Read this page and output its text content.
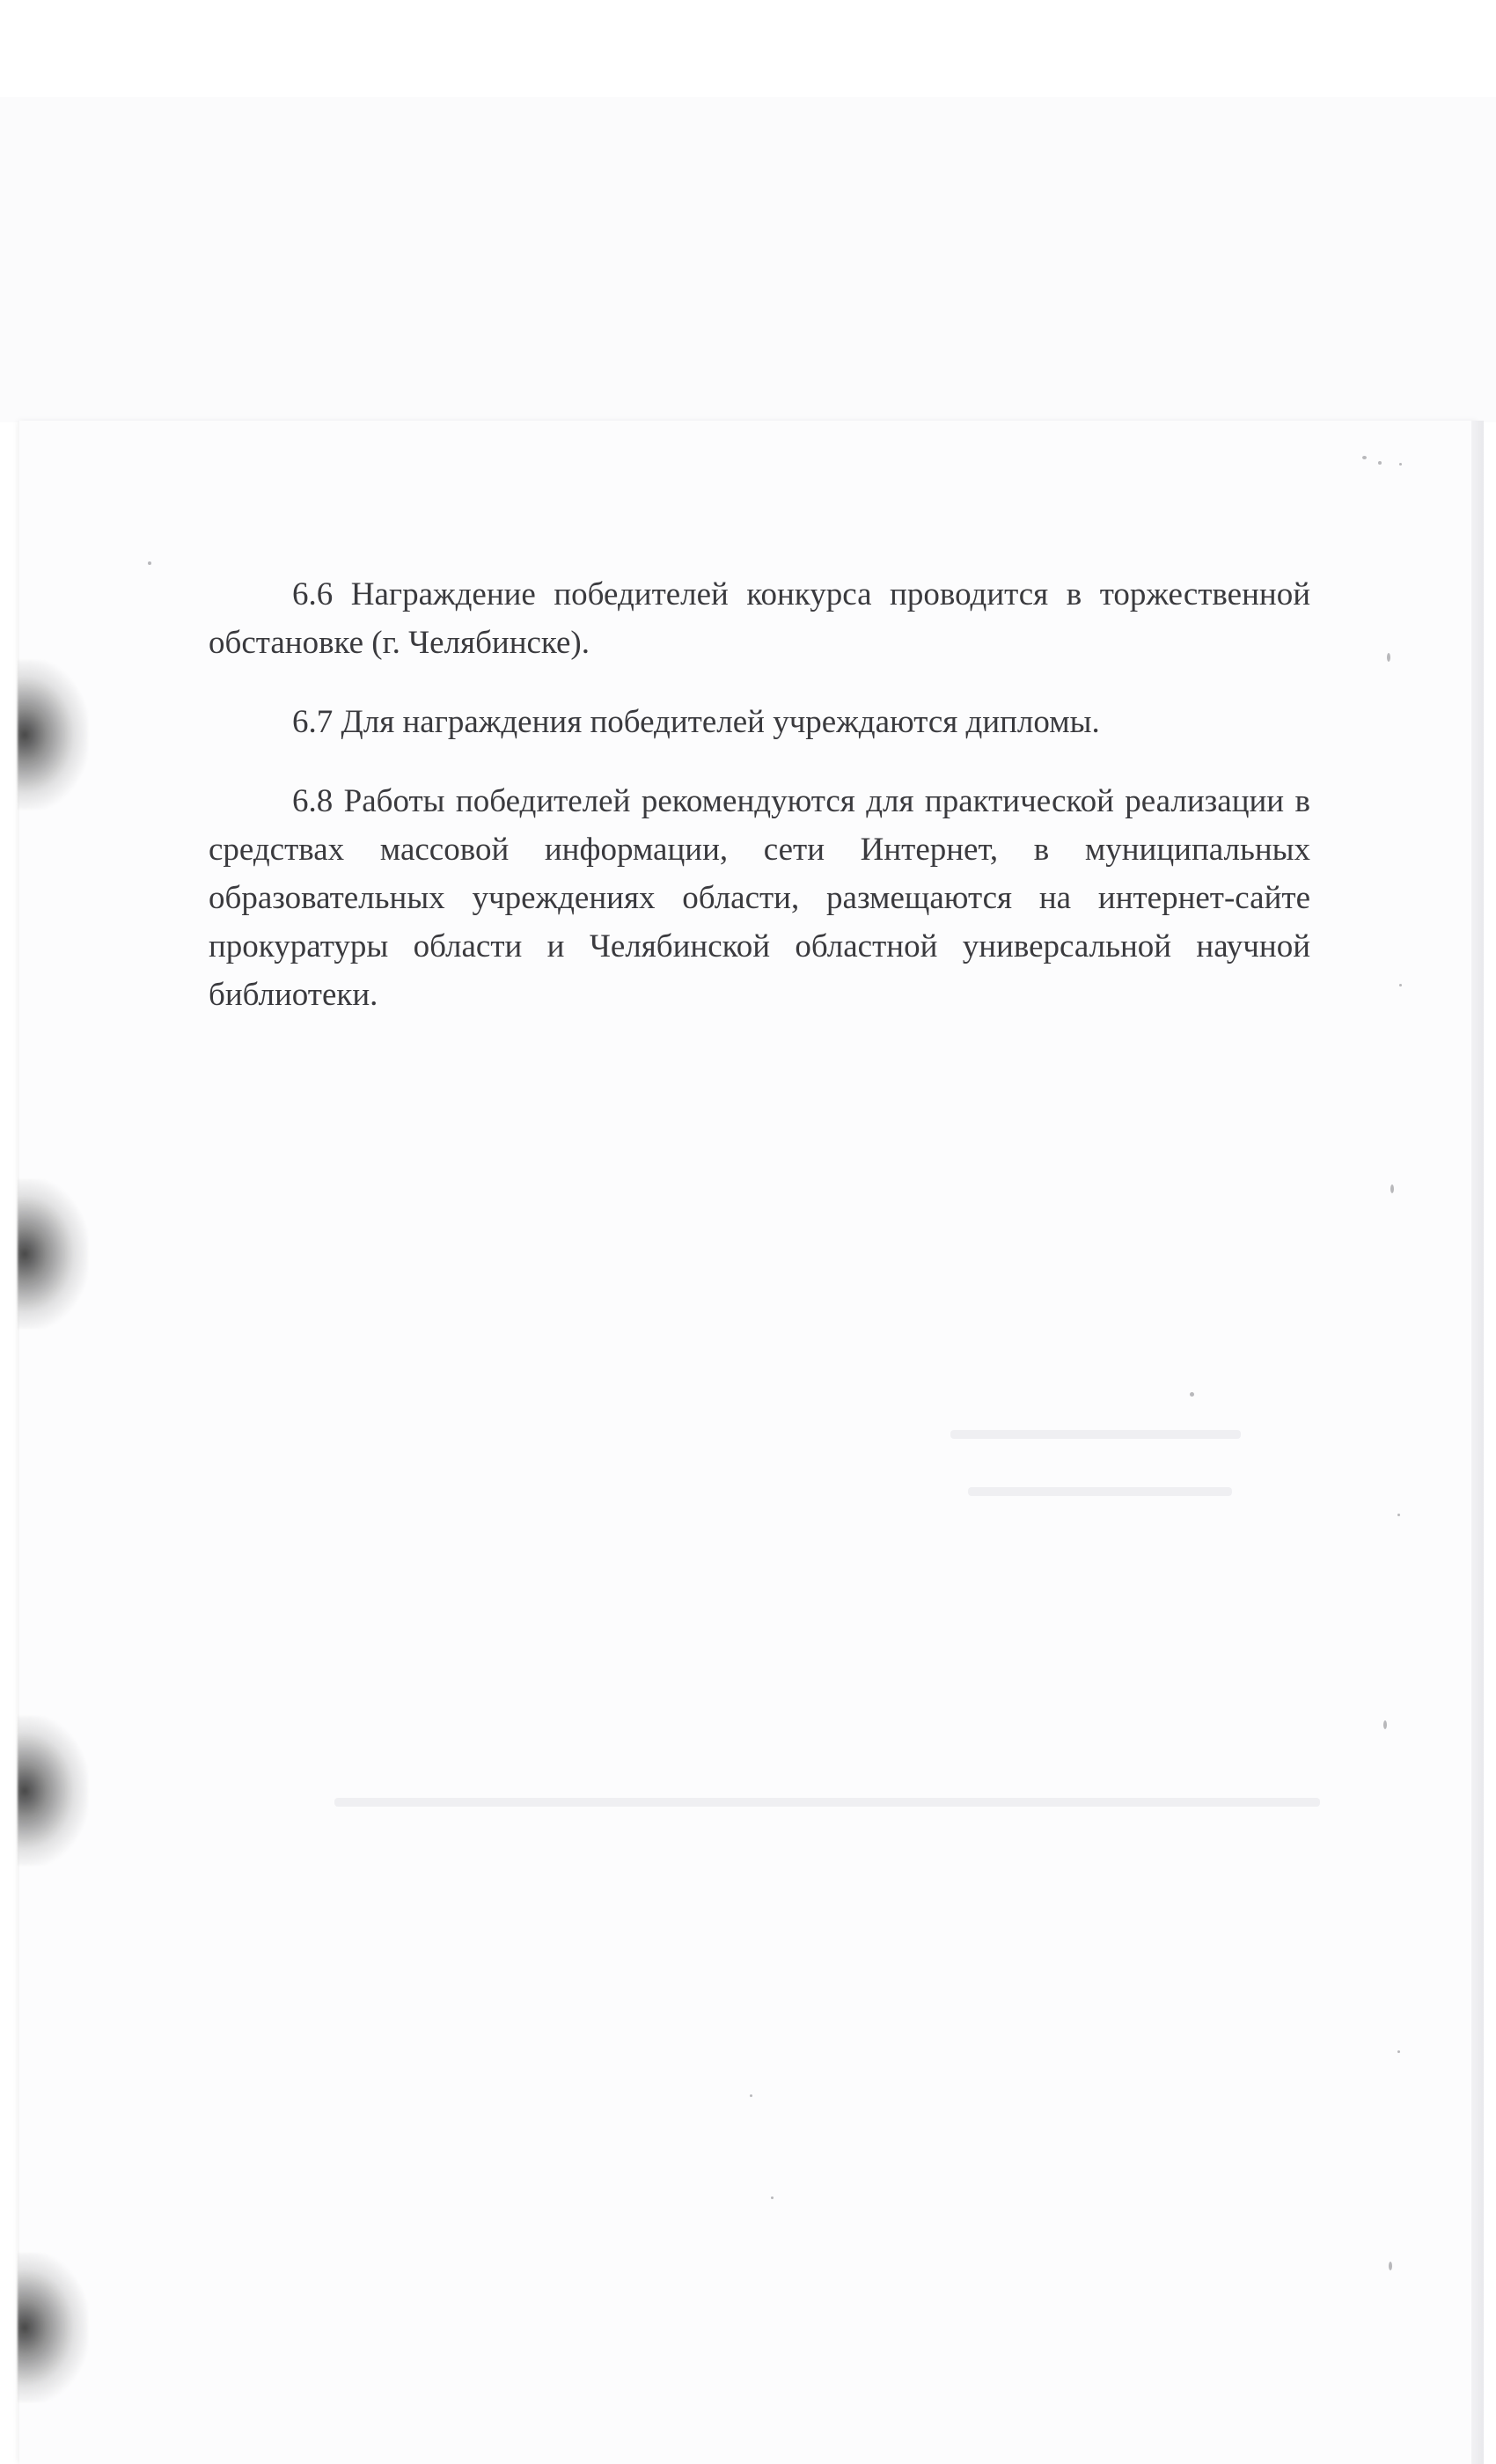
6.6 Награждение победителей конкурса проводится в торжественной обстановке (г. Челябинске).

6.7 Для награждения победителей учреждаются дипломы.

6.8 Работы победителей рекомендуются для практической реализации в средствах массовой информации, сети Интернет, в муниципальных образовательных учреждениях области, размещаются на интернет-сайте прокуратуры области и Челябинской областной универсальной научной библиотеки.
